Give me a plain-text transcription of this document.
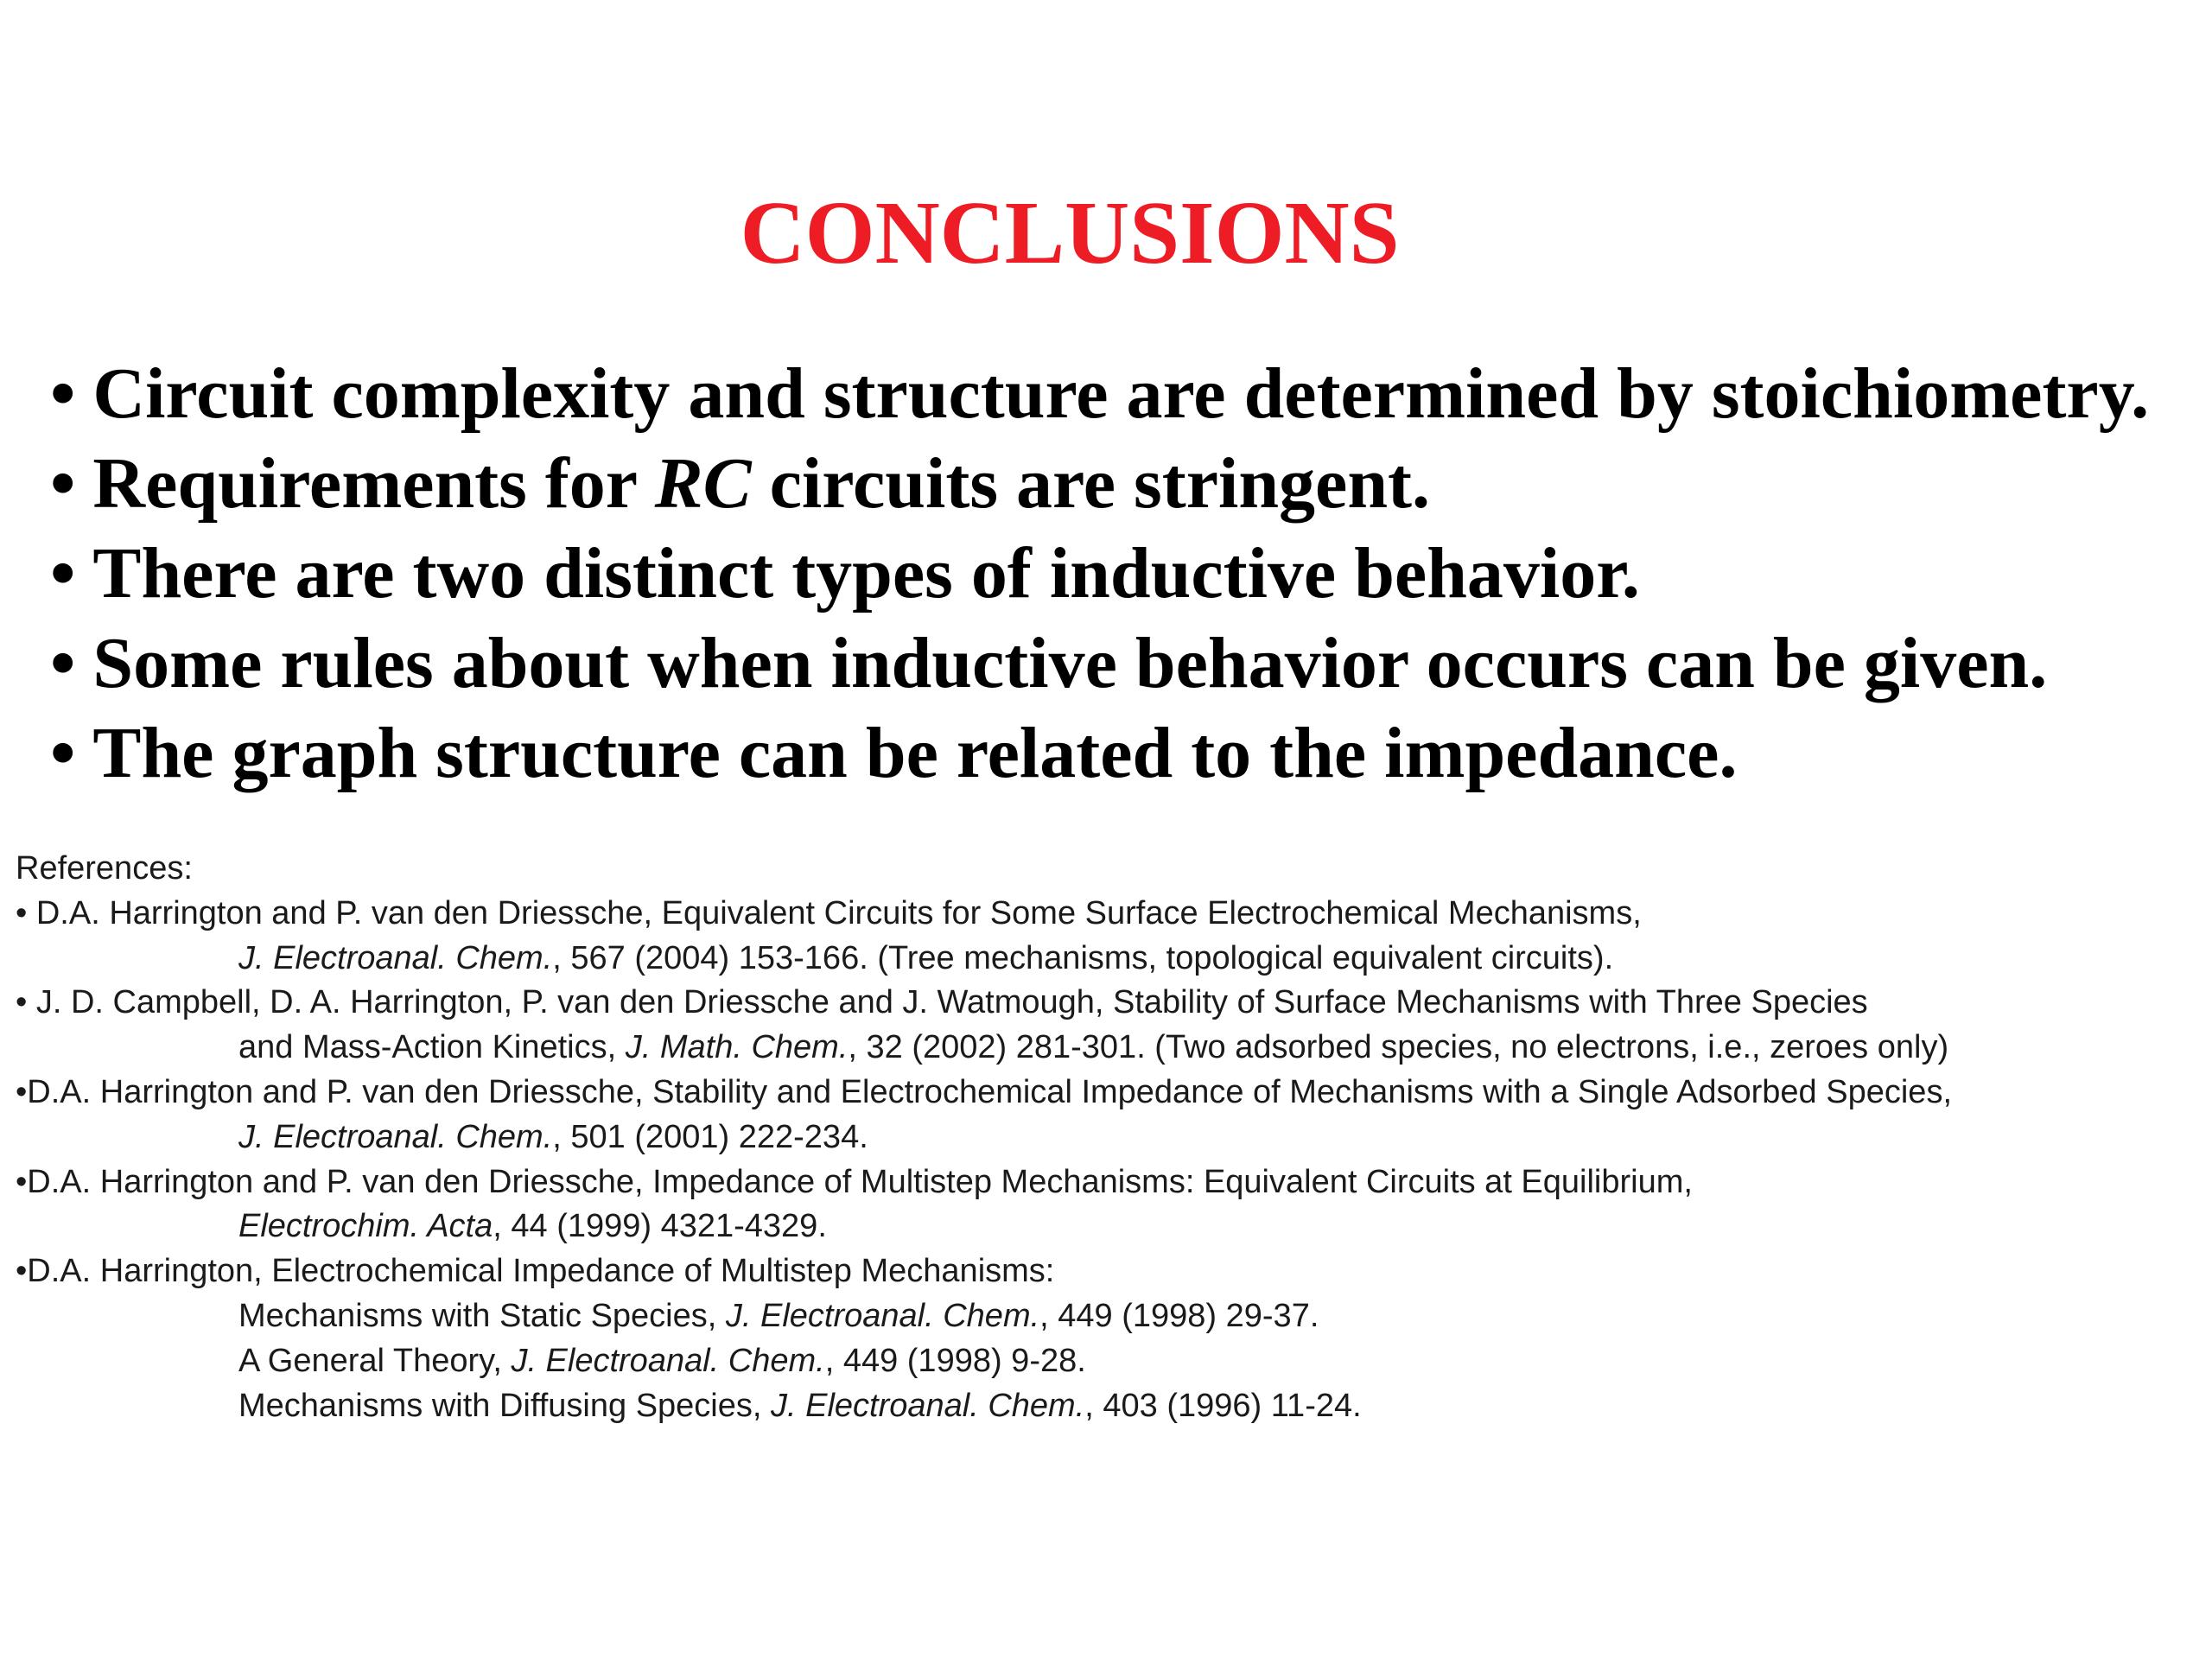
CONCLUSIONS
• Circuit complexity and structure are determined by stoichiometry.
• Requirements for RC circuits are stringent.
• There are two distinct types of inductive behavior.
• Some rules about when inductive behavior occurs can be given.
• The graph structure can be related to the impedance.
References:
• D.A. Harrington and P. van den Driessche, Equivalent Circuits for Some Surface Electrochemical Mechanisms,
J. Electroanal. Chem., 567 (2004) 153-166. (Tree mechanisms, topological equivalent circuits).
• J. D. Campbell, D. A. Harrington, P. van den Driessche and J. Watmough, Stability of Surface Mechanisms with Three Species
and Mass-Action Kinetics, J. Math. Chem., 32 (2002) 281-301. (Two adsorbed species, no electrons, i.e., zeroes only)
•D.A. Harrington and P. van den Driessche, Stability and Electrochemical Impedance of Mechanisms with a Single Adsorbed Species,
J. Electroanal. Chem., 501 (2001) 222-234.
•D.A. Harrington and P. van den Driessche, Impedance of Multistep Mechanisms: Equivalent Circuits at Equilibrium,
Electrochim. Acta, 44 (1999) 4321-4329.
•D.A. Harrington, Electrochemical Impedance of Multistep Mechanisms:
Mechanisms with Static Species, J. Electroanal. Chem., 449 (1998) 29-37.
A General Theory, J. Electroanal. Chem., 449 (1998) 9-28.
Mechanisms with Diffusing Species, J. Electroanal. Chem., 403 (1996) 11-24.
